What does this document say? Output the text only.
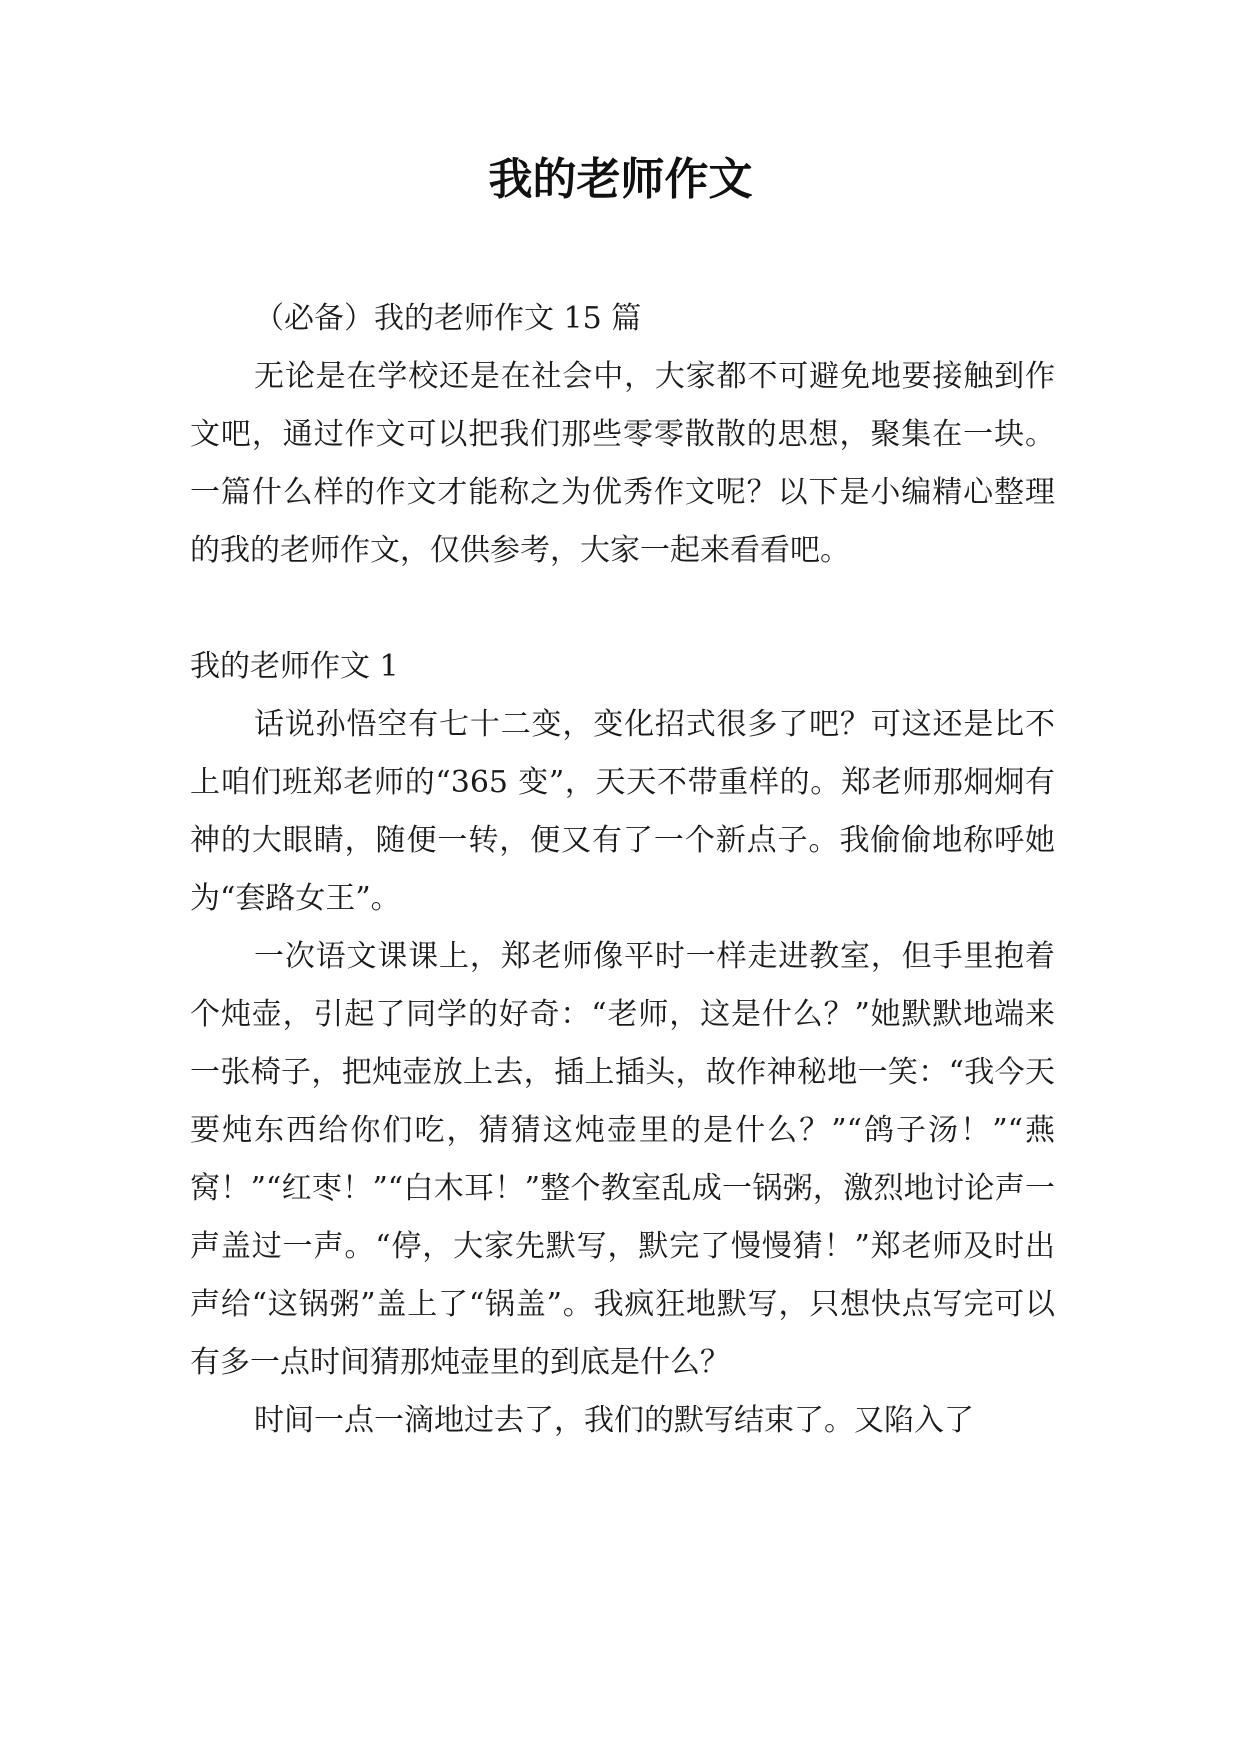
我的老师作文

（必备）我的老师作文 15 篇

无论是在学校还是在社会中，大家都不可避免地要接触到作文吧，通过作文可以把我们那些零零散散的思想，聚集在一块。一篇什么样的作文才能称之为优秀作文呢？以下是小编精心整理的我的老师作文，仅供参考，大家一起来看看吧。

我的老师作文 1

话说孙悟空有七十二变，变化招式很多了吧？可这还是比不上咱们班郑老师的“365 变”，天天不带重样的。郑老师那炯炯有神的大眼睛，随便一转，便又有了一个新点子。我偷偷地称呼她为“套路女王”。

一次语文课课上，郑老师像平时一样走进教室，但手里抱着个炖壶，引起了同学的好奇：“老师，这是什么？”她默默地端来一张椅子，把炖壶放上去，插上插头，故作神秘地一笑：“我今天要炖东西给你们吃，猜猜这炖壶里的是什么？”“鸽子汤！”“燕窝！”“红枣！”“白木耳！”整个教室乱成一锅粥，激烈地讨论声一声盖过一声。“停，大家先默写，默完了慢慢猜！”郑老师及时出声给“这锅粥”盖上了“锅盖”。我疯狂地默写，只想快点写完可以有多一点时间猜那炖壶里的到底是什么？

时间一点一滴地过去了，我们的默写结束了。又陷入了
